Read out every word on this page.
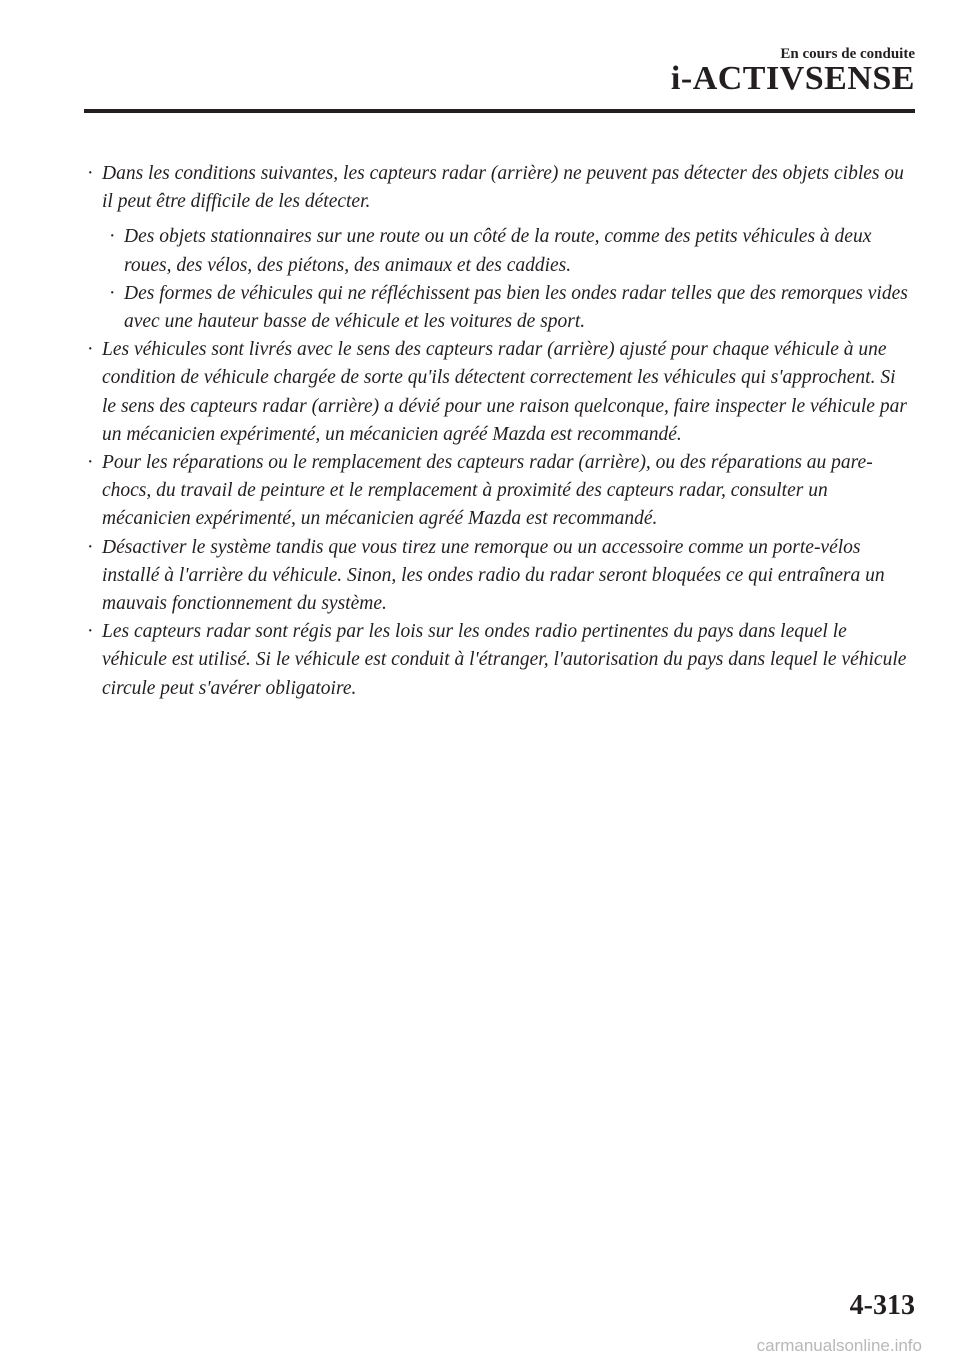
En cours de conduite
i-ACTIVSENSE
· Dans les conditions suivantes, les capteurs radar (arrière) ne peuvent pas détecter des objets cibles ou il peut être difficile de les détecter.
· Des objets stationnaires sur une route ou un côté de la route, comme des petits véhicules à deux roues, des vélos, des piétons, des animaux et des caddies.
· Des formes de véhicules qui ne réfléchissent pas bien les ondes radar telles que des remorques vides avec une hauteur basse de véhicule et les voitures de sport.
· Les véhicules sont livrés avec le sens des capteurs radar (arrière) ajusté pour chaque véhicule à une condition de véhicule chargée de sorte qu'ils détectent correctement les véhicules qui s'approchent. Si le sens des capteurs radar (arrière) a dévié pour une raison quelconque, faire inspecter le véhicule par un mécanicien expérimenté, un mécanicien agréé Mazda est recommandé.
· Pour les réparations ou le remplacement des capteurs radar (arrière), ou des réparations au pare-chocs, du travail de peinture et le remplacement à proximité des capteurs radar, consulter un mécanicien expérimenté, un mécanicien agréé Mazda est recommandé.
· Désactiver le système tandis que vous tirez une remorque ou un accessoire comme un porte-vélos installé à l'arrière du véhicule. Sinon, les ondes radio du radar seront bloquées ce qui entraînera un mauvais fonctionnement du système.
· Les capteurs radar sont régis par les lois sur les ondes radio pertinentes du pays dans lequel le véhicule est utilisé. Si le véhicule est conduit à l'étranger, l'autorisation du pays dans lequel le véhicule circule peut s'avérer obligatoire.
4-313
carmanualsonline.info
